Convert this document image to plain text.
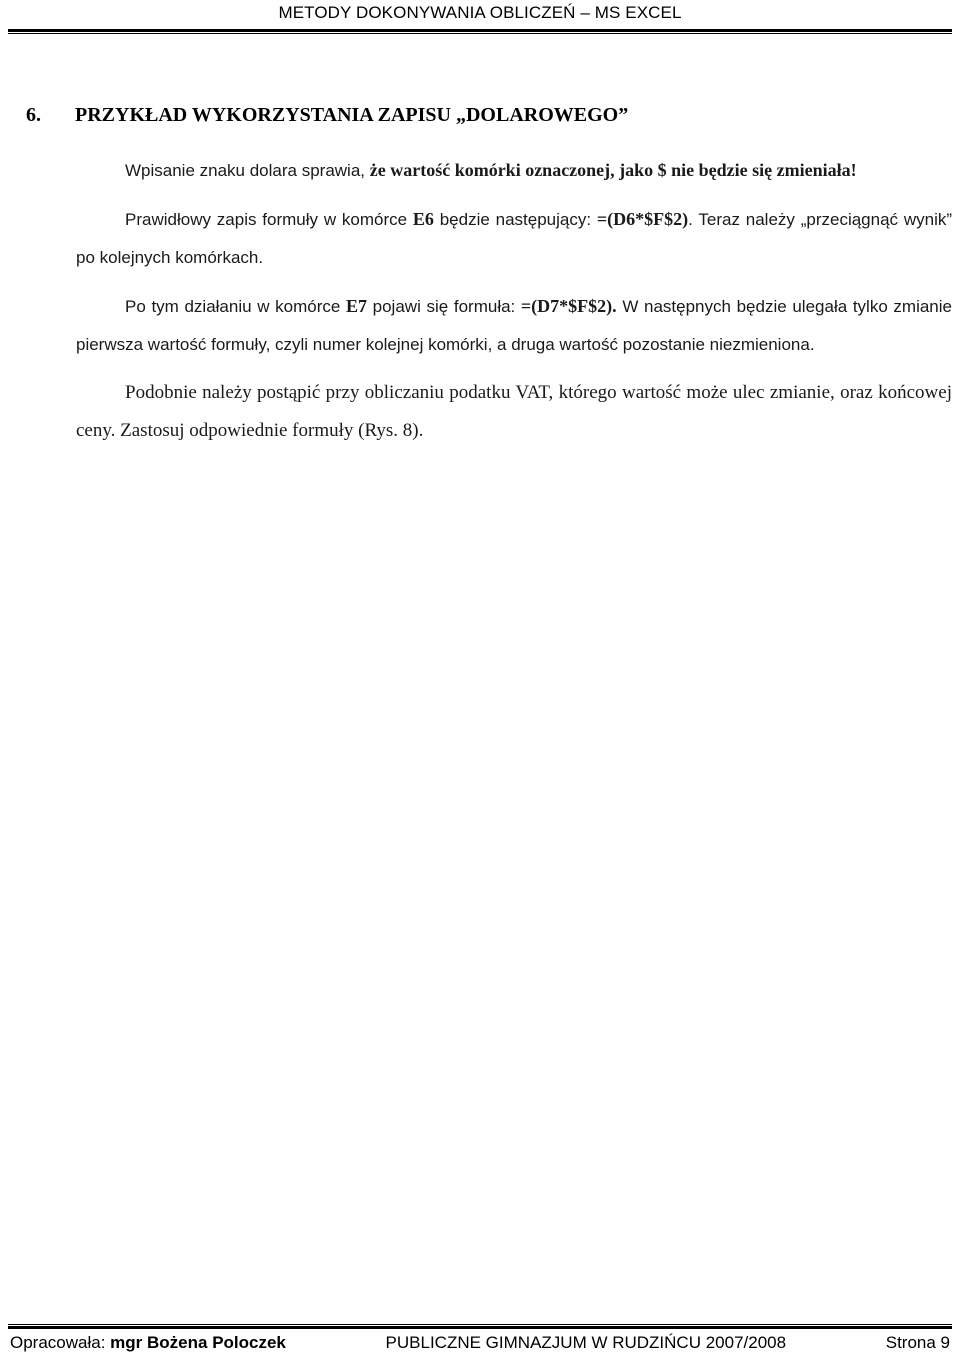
METODY DOKONYWANIA OBLICZEŃ – MS EXCEL
6. PRZYKŁAD WYKORZYSTANIA ZAPISU „DOLAROWEGO”

Wpisanie znaku dolara sprawia, że wartość komórki oznaczonej, jako $ nie będzie się zmieniała!

Prawidłowy zapis formuły w komórce E6 będzie następujący: =(D6*$F$2). Teraz należy „przeciągnąć wynik” po kolejnych komórkach.

Po tym działaniu w komórce E7 pojawi się formuła: =(D7*$F$2). W następnych będzie ulegała tylko zmianie pierwsza wartość formuły, czyli numer kolejnej komórki, a druga wartość pozostanie niezmieniona.

Podobnie należy postąpić przy obliczaniu podatku VAT, którego wartość może ulec zmianie, oraz końcowej ceny. Zastosuj odpowiednie formuły (Rys. 8).

Opracowała: mgr Bożena Poloczek	PUBLICZNE GIMNAZJUM W RUDZIŃCU 2007/2008	Strona 9
